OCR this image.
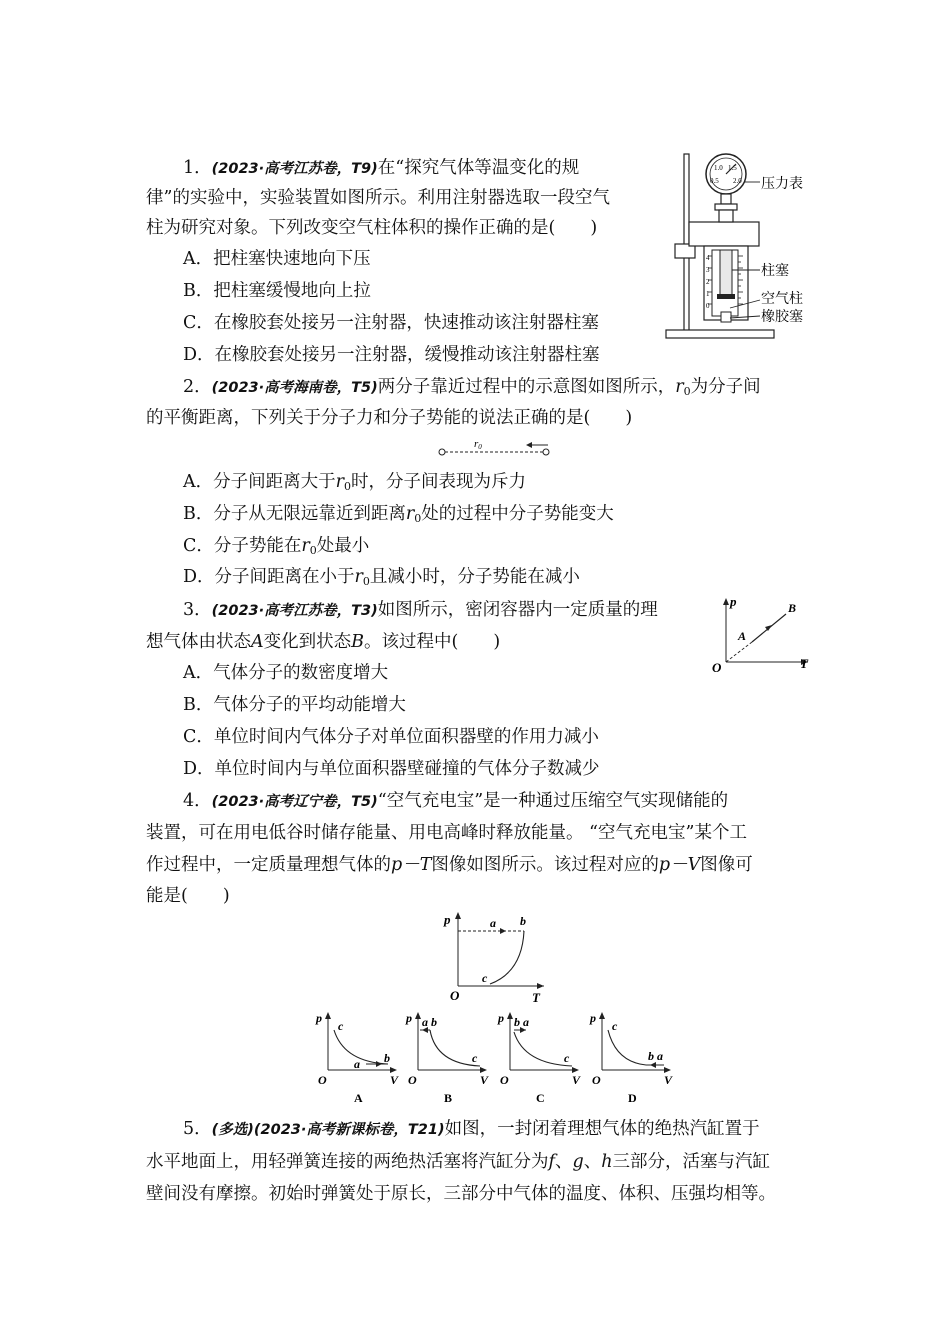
1．(2023·高考江苏卷，T9)在“探究气体等温变化的规
律”的实验中，实验装置如图所示。利用注射器选取一段空气
柱为研究对象。下列改变空气柱体积的操作正确的是(　　)
A．把柱塞快速地向下压
B．把柱塞缓慢地向上拉
C．在橡胶套处接另一注射器，快速推动该注射器柱塞
D．在橡胶套处接另一注射器，缓慢推动该注射器柱塞
0.5
1.0 1.5
2.0
4
3
2
1
0
压力表
柱塞
空气柱
橡胶塞
2．(2023·高考海南卷，T5)两分子靠近过程中的示意图如图所示，$r_0$为分子间
的平衡距离，下列关于分子力和分子势能的说法正确的是(　　)
r0
A．分子间距离大于$r_0$时，分子间表现为斥力
B．分子从无限远靠近到距离$r_0$处的过程中分子势能变大
C．分子势能在$r_0$处最小
D．分子间距离在小于$r_0$且减小时，分子势能在减小
3．(2023·高考江苏卷，T3)如图所示，密闭容器内一定质量的理
想气体由状态A变化到状态B。该过程中(　　)
A．气体分子的数密度增大
B．气体分子的平均动能增大
C．单位时间内气体分子对单位面积器壁的作用力减小
D．单位时间内与单位面积器壁碰撞的气体分子数减少
p
T
O
A
B
4．(2023·高考辽宁卷，T5)“空气充电宝”是一种通过压缩空气实现储能的
装置，可在用电低谷时储存能量、用电高峰时释放能量。 “空气充电宝”某个工
作过程中，一定质量理想气体的p－T图像如图所示。该过程对应的p－V图像可
能是(　　)
p
T
O
a b
c
p
c
a b
O	V
A
p a b
c
O	V
B
p b a
c
O	V
C
p
c
b a
O	V
D
5．(多选)(2023·高考新课标卷，T21)如图，一封闭着理想气体的绝热汽缸置于
水平地面上，用轻弹簧连接的两绝热活塞将汽缸分为f、g、h三部分，活塞与汽缸
壁间没有摩擦。初始时弹簧处于原长，三部分中气体的温度、体积、压强均相等。
